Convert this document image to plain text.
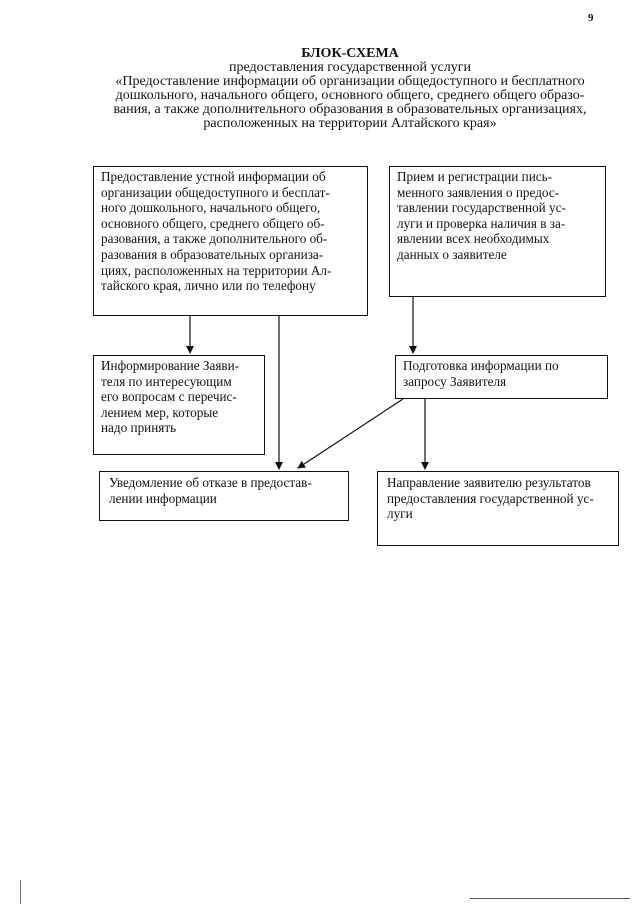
9
БЛОК-СХЕМА
предоставления государственной услуги
«Предоставление информации об организации общедоступного и бесплатного
дошкольного, начального общего, основного общего, среднего общего образо-
вания, а также дополнительного образования в образовательных организациях,
расположенных на территории Алтайского края»
Предоставление устной информации об
организации общедоступного и бесплат-
ного дошкольного, начального общего,
основного общего, среднего общего об-
разования, а также дополнительного об-
разования в образовательных организа-
циях, расположенных на территории Ал-
тайского края, лично или по телефону
Прием и регистрации пись-
менного заявления о предос-
тавлении государственной ус-
луги и проверка наличия в за-
явлении всех необходимых
данных о заявителе
Информирование Заяви-
теля по интересующим
его вопросам с перечис-
лением мер, которые
надо принять
Подготовка информации по
запросу Заявителя
Уведомление об отказе в предостав-
лении информации
Направление заявителю результатов
предоставления государственной ус-
луги
